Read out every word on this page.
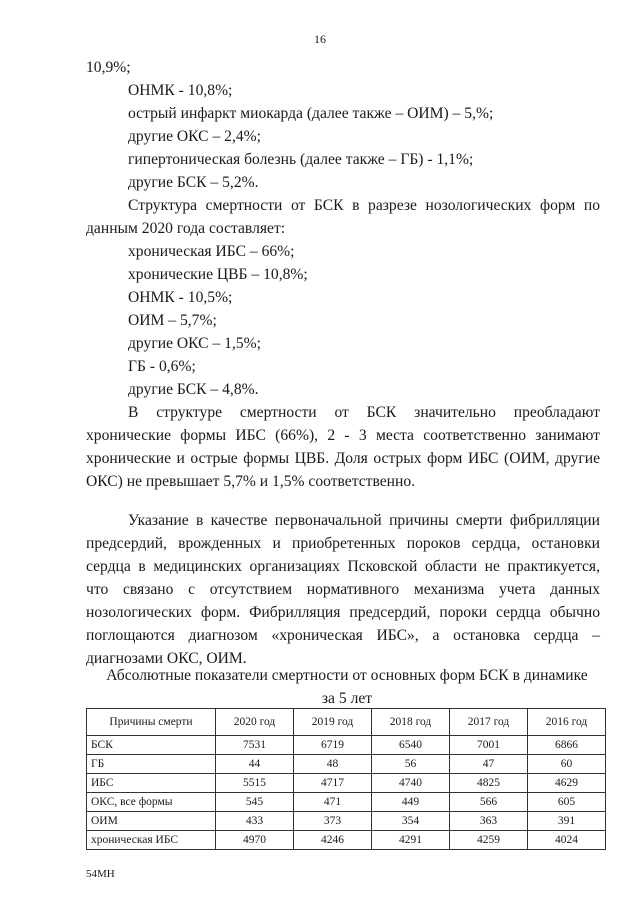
16

10,9%;

ОНМК - 10,8%;

острый инфаркт миокарда (далее также – ОИМ) – 5,%;

другие ОКС – 2,4%;

гипертоническая болезнь (далее также – ГБ) - 1,1%;

другие БСК – 5,2%.

Структура смертности от БСК в разрезе нозологических форм по данным 2020 года составляет:

хроническая ИБС – 66%;

хронические ЦВБ – 10,8%;

ОНМК - 10,5%;

ОИМ – 5,7%;

другие ОКС – 1,5%;

ГБ - 0,6%;

другие БСК – 4,8%.

В структуре смертности от БСК значительно преобладают хронические формы ИБС (66%), 2 - 3 места соответственно занимают хронические и острые формы ЦВБ. Доля острых форм ИБС (ОИМ, другие ОКС) не превышает 5,7% и 1,5% соответственно.

Указание в качестве первоначальной причины смерти фибрилляции предсердий, врожденных и приобретенных пороков сердца, остановки сердца в медицинских организациях Псковской области не практикуется, что связано с отсутствием нормативного механизма учета данных нозологических форм. Фибрилляция предсердий, пороки сердца обычно поглощаются диагнозом «хроническая ИБС», а остановка сердца – диагнозами ОКС, ОИМ.

Абсолютные показатели смертности от основных форм БСК в динамике
за 5 лет
Причины смерти	2020 год	2019 год	2018 год	2017 год	2016 год
БСК	7531	6719	6540	7001	6866
ГБ	44	48	56	47	60
ИБС	5515	4717	4740	4825	4629
ОКС, все формы	545	471	449	566	605
ОИМ	433	373	354	363	391
хроническая ИБС	4970	4246	4291	4259	4024
54МН
